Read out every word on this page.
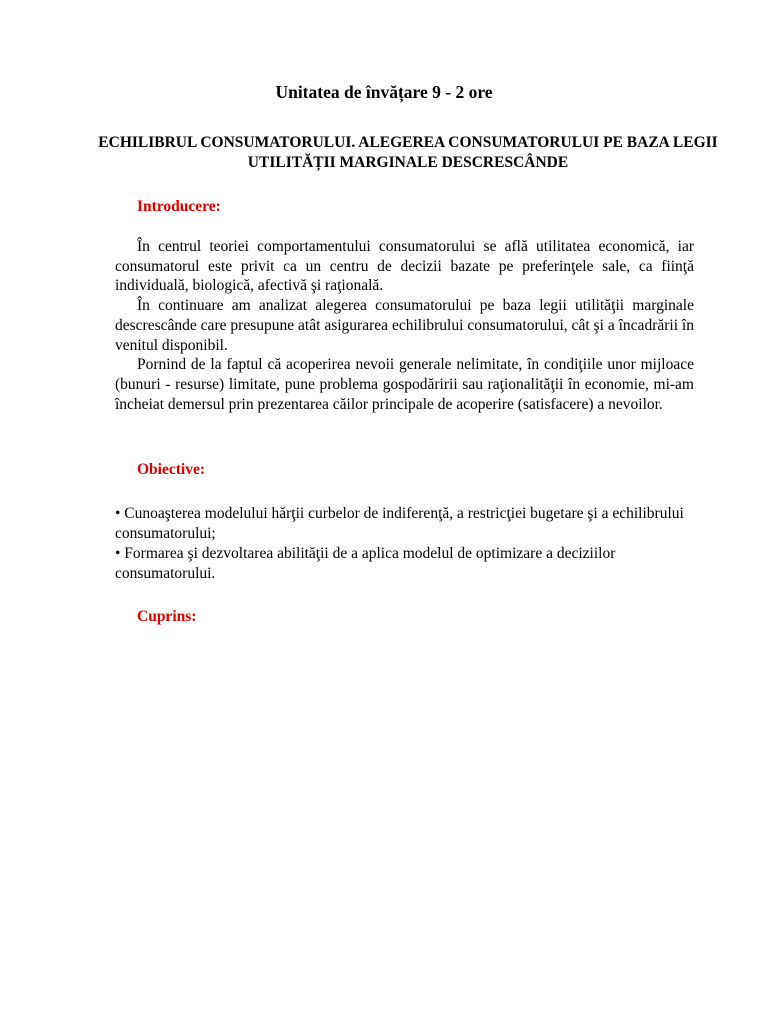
Unitatea de învățare 9 - 2 ore
ECHILIBRUL CONSUMATORULUI. ALEGEREA CONSUMATORULUI PE BAZA LEGII UTILITĂȚII MARGINALE DESCRESCÂNDE
Introducere:

În centrul teoriei comportamentului consumatorului se află utilitatea economică, iar consumatorul este privit ca un centru de decizii bazate pe preferinţele sale, ca fiinţă individuală, biologică, afectivă şi raţională.

În continuare am analizat alegerea consumatorului pe baza legii utilităţii marginale descrescânde care presupune atât asigurarea echilibrului consumatorului, cât şi a încadrării în venitul disponibil.

Pornind de la faptul că acoperirea nevoii generale nelimitate, în condiţiile unor mijloace (bunuri - resurse) limitate, pune problema gospodăririi sau raţionalităţii în economie, mi-am încheiat demersul prin prezentarea căilor principale de acoperire (satisfacere) a nevoilor.

Obiective:
• Cunoaşterea modelului hărţii curbelor de indiferenţă, a restricţiei bugetare şi a echilibrului consumatorului;
• Formarea şi dezvoltarea abilităţii de a aplica modelul de optimizare a deciziilor consumatorului.
Cuprins:
